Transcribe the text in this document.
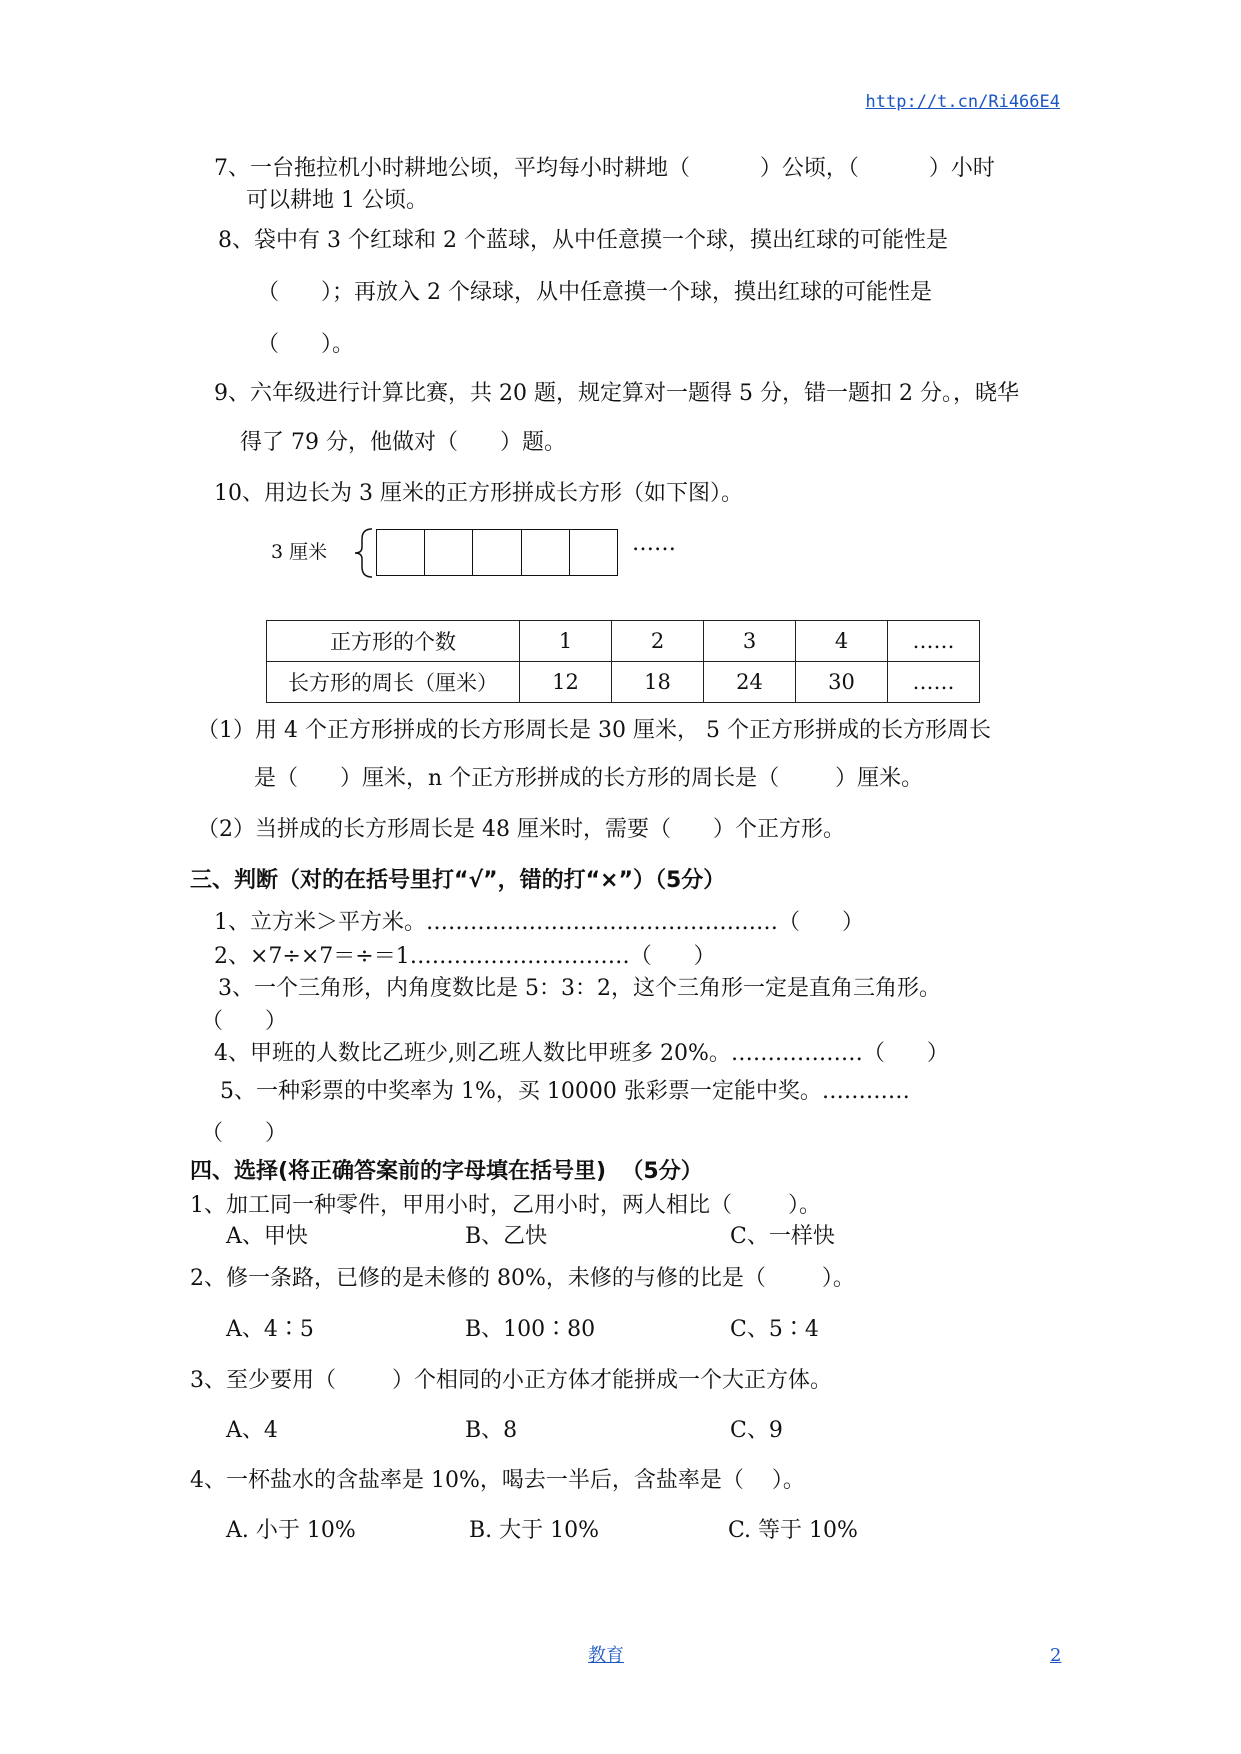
http://t.cn/Ri466E4
7、一台拖拉机小时耕地公顷，平均每小时耕地（          ）公顷，（          ）小时
可以耕地 1 公顷。
8、袋中有 3 个红球和 2 个蓝球，从中任意摸一个球，摸出红球的可能性是
（      ）；再放入 2 个绿球，从中任意摸一个球，摸出红球的可能性是
（      ）。
9、六年级进行计算比赛，共 20 题，规定算对一题得 5 分，错一题扣 2 分。，晓华
得了 79 分，他做对（      ）题。
10、用边长为 3 厘米的正方形拼成长方形（如下图）。
3 厘米	……
正方形的个数	1	2	3	4	……
长方形的周长（厘米）	12	18	24	30	……
（1）用 4 个正方形拼成的长方形周长是 30 厘米， 5 个正方形拼成的长方形周长
是（      ）厘米，n 个正方形拼成的长方形的周长是（        ）厘米。
（2）当拼成的长方形周长是 48 厘米时，需要（      ）个正方形。
三、判断（对的在括号里打“√”，错的打“×”）（5分）
1、立方米＞平方米。…………………………………………（      ）
2、×7÷×7＝÷＝1…………………………（      ）
3、一个三角形，内角度数比是 5：3：2，这个三角形一定是直角三角形。
（      ）
4、甲班的人数比乙班少,则乙班人数比甲班多 20%。………………（      ）
5、一种彩票的中奖率为 1%，买 10000 张彩票一定能中奖。…………
（      ）
四、选择(将正确答案前的字母填在括号里)  （5分）
1、加工同一种零件，甲用小时，乙用小时，两人相比（        ）。
A、甲快	B、乙快	C、一样快
2、修一条路，已修的是未修的 80%，未修的与修的比是（        ）。
A、4∶5	B、100∶80	C、5∶4
3、至少要用（        ）个相同的小正方体才能拼成一个大正方体。
A、4	B、8	C、9
4、一杯盐水的含盐率是 10%，喝去一半后，含盐率是（    ）。
A. 小于 10%	B. 大于 10%	C. 等于 10%
教育	2
